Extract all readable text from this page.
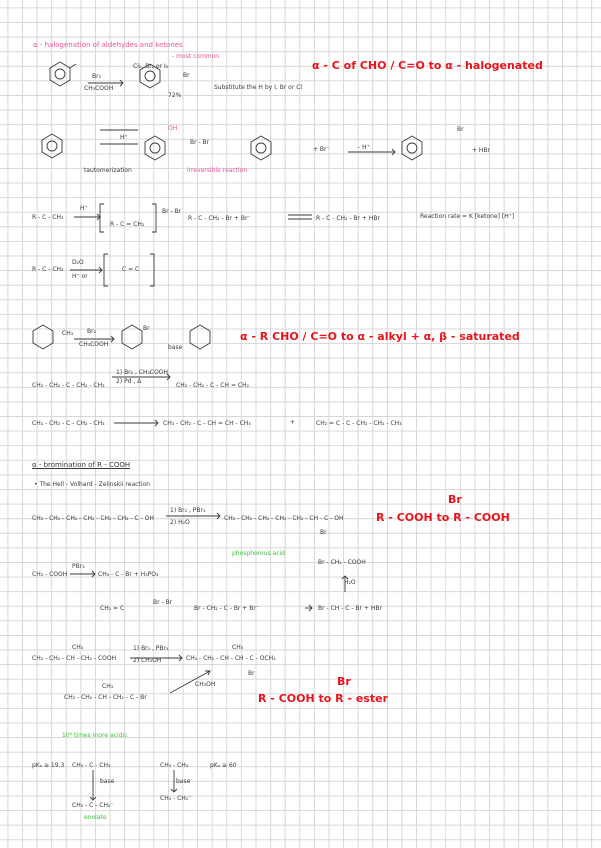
α - halogenation of aldehydes and ketones
Br₂
CH₃COOH
Cl₂, Br₂ or I₂
- most common
Br
72%
Substitute the H by I, Br or Cl
α - C of CHO / C=O to α - halogenated
H⁺
tautomerization	irreversible reaction
Br - Br
OH
+ Br⁻	- H⁺	+ HBr
Br
R - C - CH₃
H⁺
R - C = CH₂
Br - Br
R - C - CH₂ - Br + Br⁻	R - C - CH₂ - Br + HBr	Reaction rate = K [ketone] [H⁺]
R - C - CH₃
D₂O
H⁺ or
C = C
α - R CHO / C=O to α - alkyl + α, β - saturated
Br₂
CH₃COOH
CH₃
Br
base
CH₃ - CH₂ - C - CH₂ - CH₃
1) Br₂ , CH₃COOH
2) Pd , Δ
CH₃ - CH₂ - C - CH = CH₂
CH₃ - CH₂ - C - CH₂ - CH₃	CH₃ - CH₂ - C - CH = CH - CH₃	+	CH₂ = C - C - CH₂ - CH₂ - CH₃
α - bromination of R - COOH
• The Hell - Volhard - Zelinskii reaction
CH₃ - CH₂ - CH₂ - CH₂ - CH₂ - CH₂ - C - OH
1) Br₂ , PBr₃
2) H₂O
CH₃ - CH₂ - CH₂ - CH₂ - CH₂ - CH - C - OH
Br
R - COOH to R - COOH
Br
phosphorous acid
CH₃ - COOH
PBr₃
CH₃ - C - Br + H₃PO₃
Br - CH₂ - COOH
H₂O
CH₂ = C
Br - Br
Br - CH₂ - C - Br + Br⁻	Br - CH - C - Br + HBr
CH₃
CH₃ - CH₂ - CH - CH₂ - COOH
1) Br₂ , PBr₃
2) CH₃OH	CH₃ - CH₂ - CH - CH - C - OCH₃
CH₃
Br
CH₃ - CH₂ - CH - CH₂ - C - Br
CH₃	CH₃OH
R - COOH to R - ester
Br
10⁹ times more acidic
pKₐ ≅ 19.3 CH₃ - C - CH₃
base
CH₃ - C - CH₂⁻
enolate
CH₃ - CH₃	pKₐ ≅ 60
base
CH₃ - CH₂⁻
